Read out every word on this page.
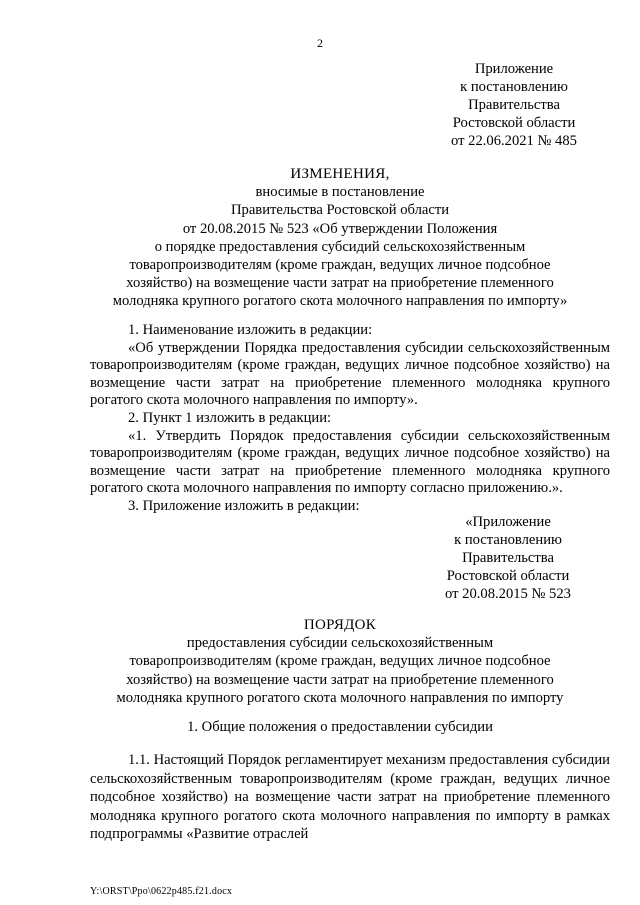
2
Приложение
к постановлению
Правительства
Ростовской области
от 22.06.2021 № 485
ИЗМЕНЕНИЯ,
вносимые в постановление
Правительства Ростовской области
от 20.08.2015 № 523 «Об утверждении Положения
о порядке предоставления субсидий сельскохозяйственным
товаропроизводителям (кроме граждан, ведущих личное подсобное
хозяйство) на возмещение части затрат на приобретение племенного
молодняка крупного рогатого скота молочного направления по импорту»

1. Наименование изложить в редакции:

«Об утверждении Порядка предоставления субсидии сельскохозяйственным товаропроизводителям (кроме граждан, ведущих личное подсобное хозяйство) на возмещение части затрат на приобретение племенного молодняка крупного рогатого скота молочного направления по импорту».

2. Пункт 1 изложить в редакции:

«1. Утвердить Порядок предоставления субсидии сельскохозяйственным товаропроизводителям (кроме граждан, ведущих личное подсобное хозяйство) на возмещение части затрат на приобретение племенного молодняка крупного рогатого скота молочного направления по импорту согласно приложению.».

3. Приложение изложить в редакции:

«Приложение
к постановлению
Правительства
Ростовской области
от 20.08.2015 № 523
ПОРЯДОК
предоставления субсидии сельскохозяйственным
товаропроизводителям (кроме граждан, ведущих личное подсобное
хозяйство) на возмещение части затрат на приобретение племенного
молодняка крупного рогатого скота молочного направления по импорту
1. Общие положения о предоставлении субсидии

1.1. Настоящий Порядок регламентирует механизм предоставления субсидии сельскохозяйственным товаропроизводителям (кроме граждан, ведущих личное подсобное хозяйство) на возмещение части затрат на приобретение племенного молодняка крупного рогатого скота молочного направления по импорту в рамках подпрограммы «Развитие отраслей

Y:\ORST\Ppo\0622p485.f21.docx
